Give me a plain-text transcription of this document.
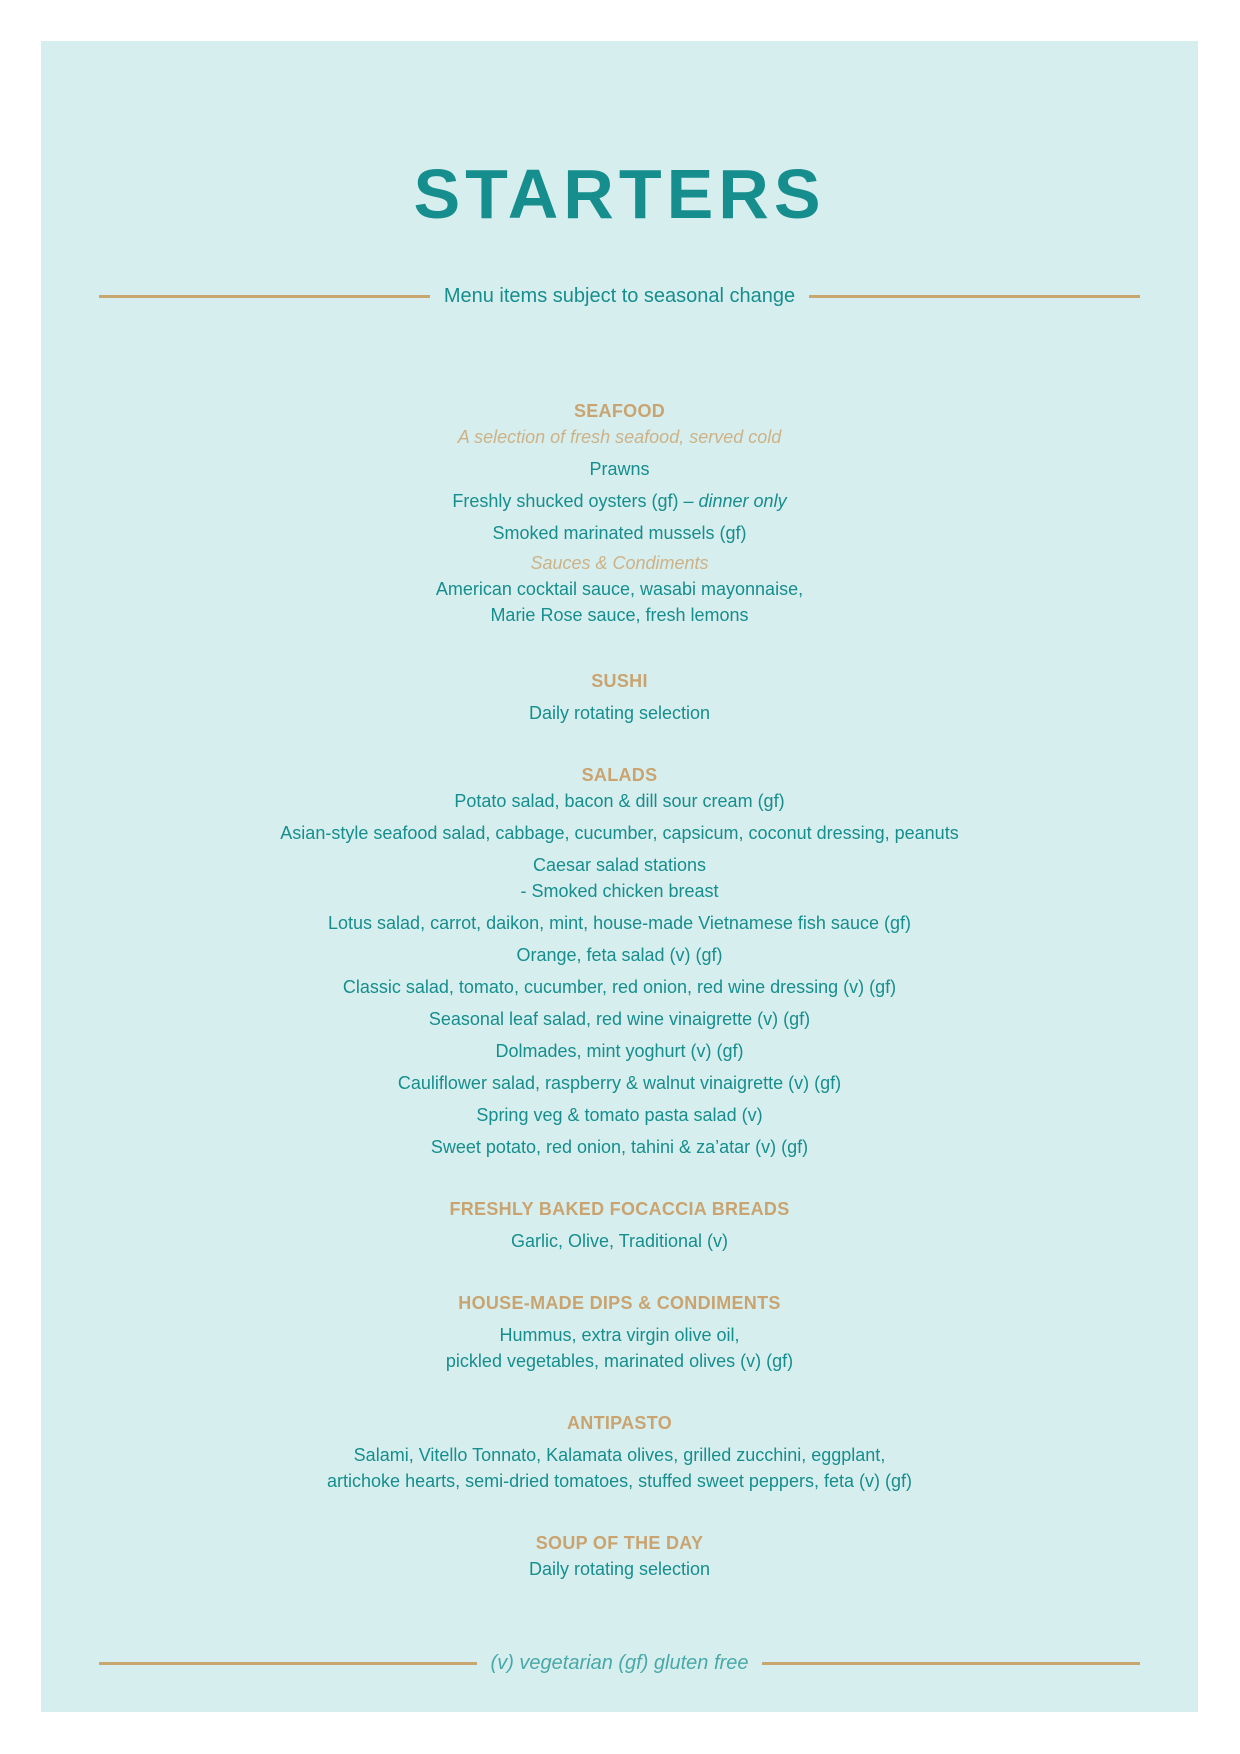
STARTERS
Menu items subject to seasonal change
SEAFOOD
A selection of fresh seafood, served cold
Prawns
Freshly shucked oysters (gf) – dinner only
Smoked marinated mussels (gf)
Sauces & Condiments
American cocktail sauce, wasabi mayonnaise,
Marie Rose sauce, fresh lemons
SUSHI
Daily rotating selection
SALADS
Potato salad, bacon & dill sour cream (gf)
Asian-style seafood salad, cabbage, cucumber, capsicum, coconut dressing, peanuts
Caesar salad stations
- Smoked chicken breast
Lotus salad, carrot, daikon, mint, house-made Vietnamese fish sauce (gf)
Orange, feta salad (v) (gf)
Classic salad, tomato, cucumber, red onion, red wine dressing (v) (gf)
Seasonal leaf salad, red wine vinaigrette (v) (gf)
Dolmades, mint yoghurt (v) (gf)
Cauliflower salad, raspberry & walnut vinaigrette (v) (gf)
Spring veg & tomato pasta salad (v)
Sweet potato, red onion, tahini & za’atar (v) (gf)
FRESHLY BAKED FOCACCIA BREADS
Garlic, Olive, Traditional (v)
HOUSE-MADE DIPS & CONDIMENTS
Hummus, extra virgin olive oil,
pickled vegetables, marinated olives (v) (gf)
ANTIPASTO
Salami, Vitello Tonnato, Kalamata olives, grilled zucchini, eggplant,
artichoke hearts, semi-dried tomatoes, stuffed sweet peppers, feta (v) (gf)
SOUP OF THE DAY
Daily rotating selection
(v) vegetarian (gf) gluten free
